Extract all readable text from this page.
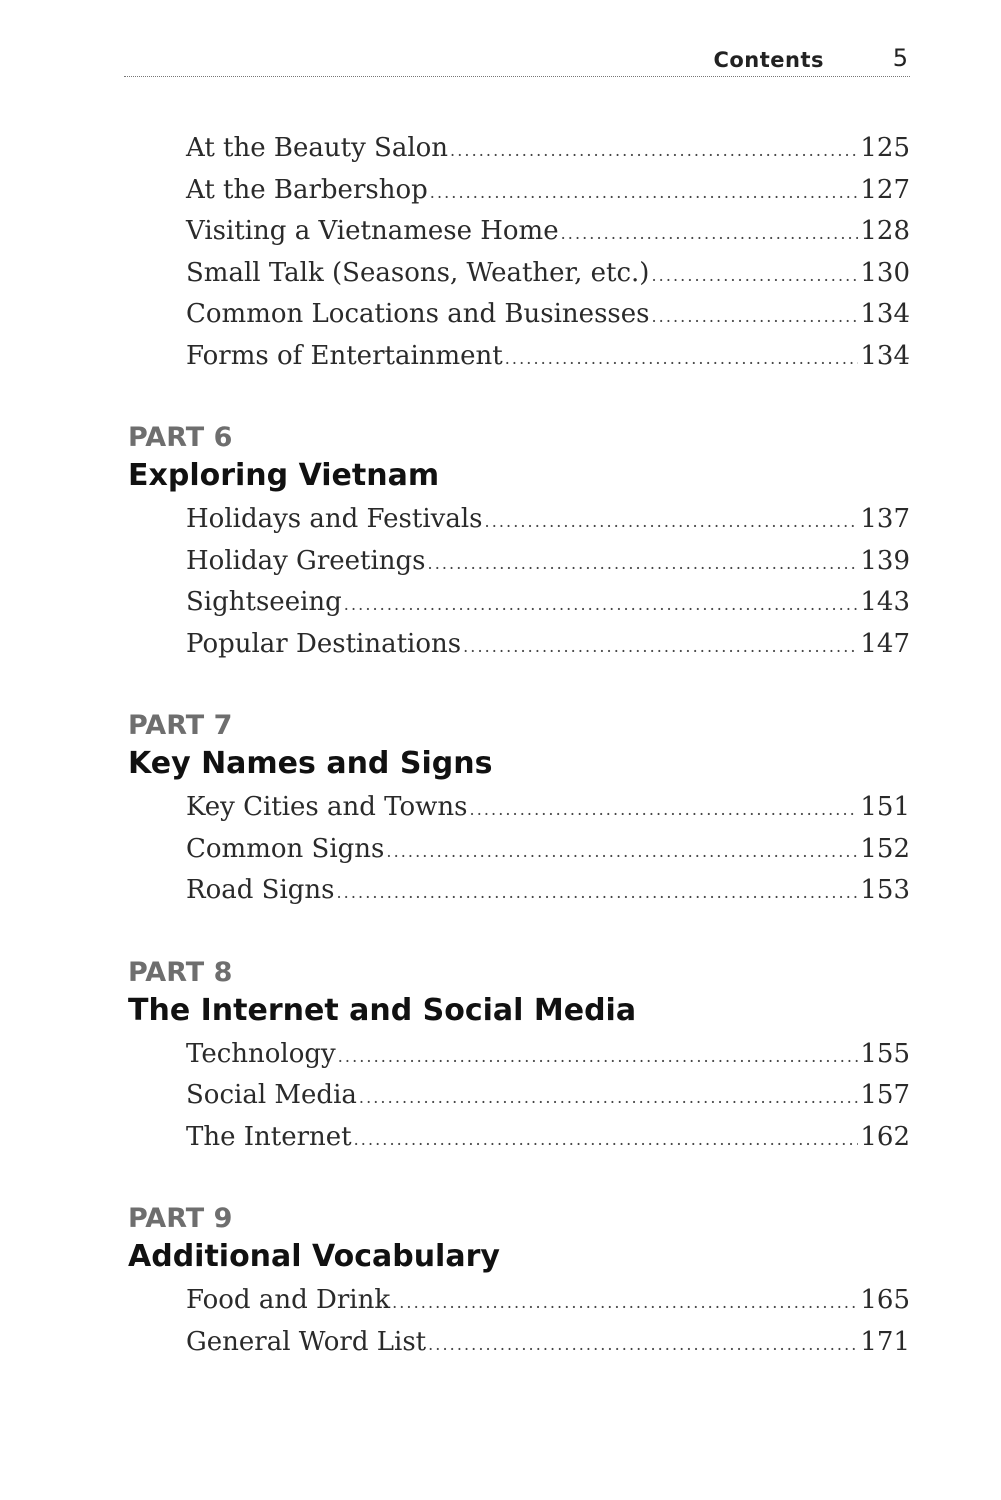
Contents	5
At the Beauty Salon . . .	125
At the Barbershop . . .	127
Visiting a Vietnamese Home . . .	128
Small Talk (Seasons, Weather, etc.) . . .	130
Common Locations and Businesses . . .	134
Forms of Entertainment . . .	134
PART 6
Exploring Vietnam
Holidays and Festivals . . .	137
Holiday Greetings . . .	139
Sightseeing . . .	143
Popular Destinations . . .	147
PART 7
Key Names and Signs
Key Cities and Towns . . .	151
Common Signs . . .	152
Road Signs . . .	153
PART 8
The Internet and Social Media
Technology . . .	155
Social Media . . .	157
The Internet . . .	162
PART 9
Additional Vocabulary
Food and Drink . . .	165
General Word List . . .	171
